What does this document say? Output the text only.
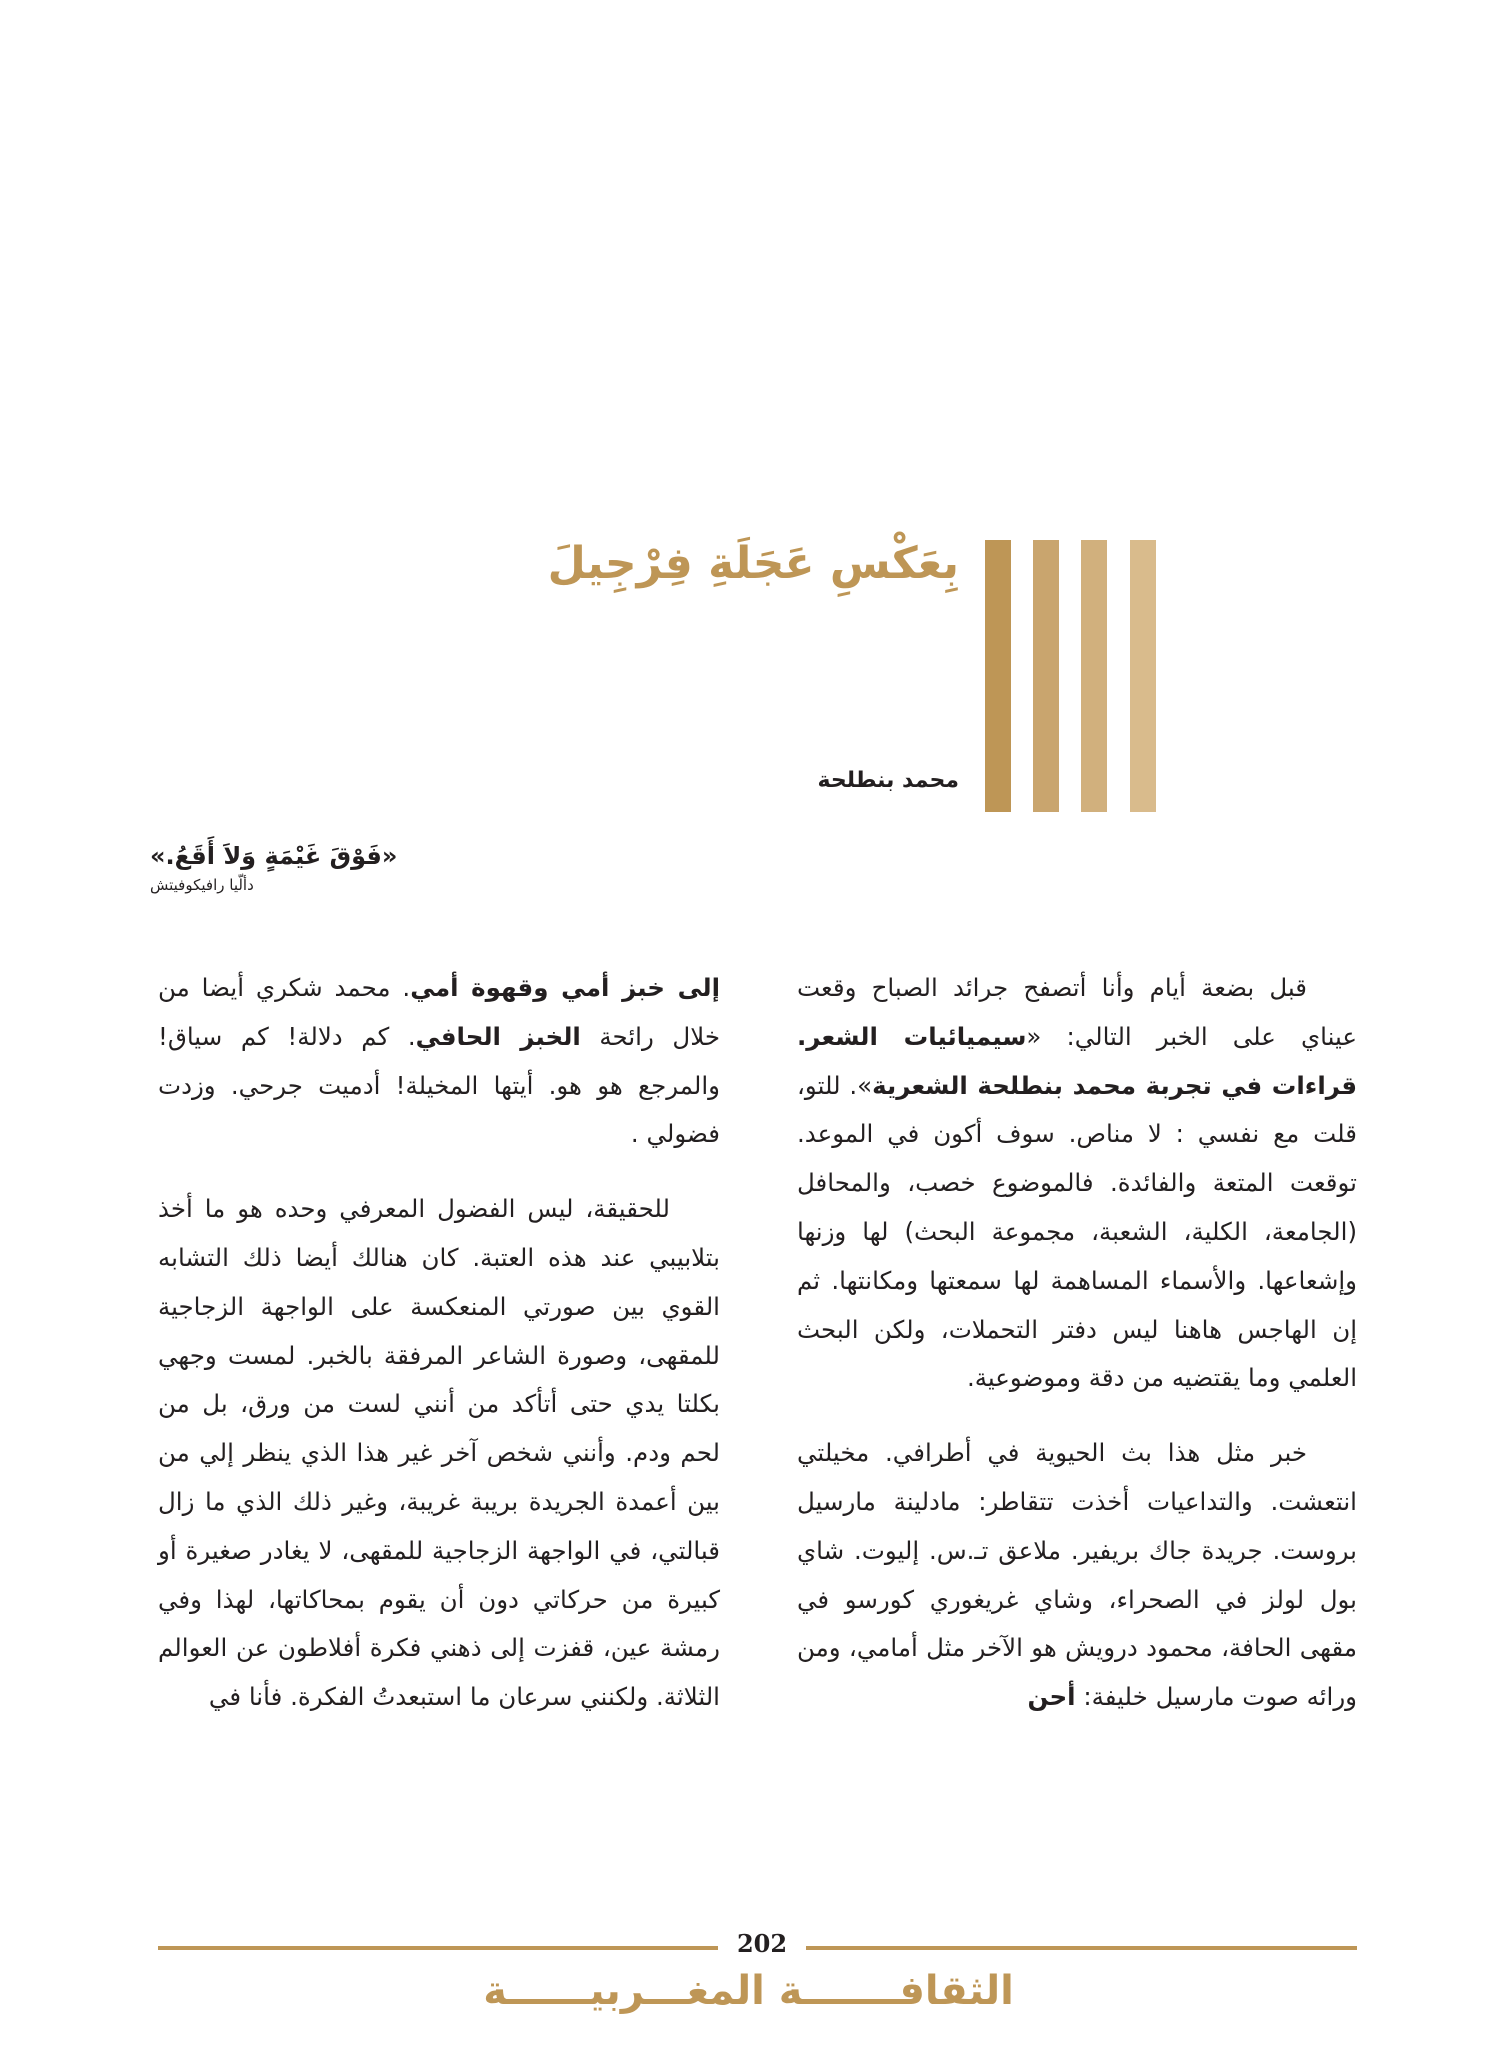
بِعَكْسِ عَجَلَةِ فِرْجِيلَ
محمد بنطلحة
«فَوْقَ غَيْمَةٍ وَلاَ أَقَعُ.»
دألّيا رافيكوفيتش

قبل بضعة أيام وأنا أتصفح جرائد الصباح وقعت عيناي على الخبر التالي: «سيميائيات الشعر. قراءات في تجربة محمد بنطلحة الشعرية». للتو، قلت مع نفسي : لا مناص. سوف أكون في الموعد. توقعت المتعة والفائدة. فالموضوع خصب، والمحافل (الجامعة، الكلية، الشعبة، مجموعة البحث) لها وزنها وإشعاعها. والأسماء المساهمة لها سمعتها ومكانتها. ثم إن الهاجس هاهنا ليس دفتر التحملات، ولكن البحث العلمي وما يقتضيه من دقة وموضوعية.

خبر مثل هذا بث الحيوية في أطرافي. مخيلتي انتعشت. والتداعيات أخذت تتقاطر: مادلينة مارسيل بروست. جريدة جاك بريفير. ملاعق تـ.س. إليوت. شاي بول لولز في الصحراء، وشاي غريغوري كورسو في مقهى الحافة، محمود درويش هو الآخر مثل أمامي، ومن ورائه صوت مارسيل خليفة: أحن

إلى خبز أمي وقهوة أمي. محمد شكري أيضا من خلال رائحة الخبز الحافي. كم دلالة! كم سياق! والمرجع هو هو. أيتها المخيلة! أدميت جرحي. وزدت فضولي .

للحقيقة، ليس الفضول المعرفي وحده هو ما أخذ بتلابيبي عند هذه العتبة. كان هنالك أيضا ذلك التشابه القوي بين صورتي المنعكسة على الواجهة الزجاجية للمقهى، وصورة الشاعر المرفقة بالخبر. لمست وجهي بكلتا يدي حتى أتأكد من أنني لست من ورق، بل من لحم ودم. وأنني شخص آخر غير هذا الذي ينظر إلي من بين أعمدة الجريدة بريبة غريبة، وغير ذلك الذي ما زال قبالتي، في الواجهة الزجاجية للمقهى، لا يغادر صغيرة أو كبيرة من حركاتي دون أن يقوم بمحاكاتها، لهذا وفي رمشة عين، قفزت إلى ذهني فكرة أفلاطون عن العوالم الثلاثة. ولكنني سرعان ما استبعدتُ الفكرة. فأنا في

202
الثقافـــــــة المغـــربيــــــة
